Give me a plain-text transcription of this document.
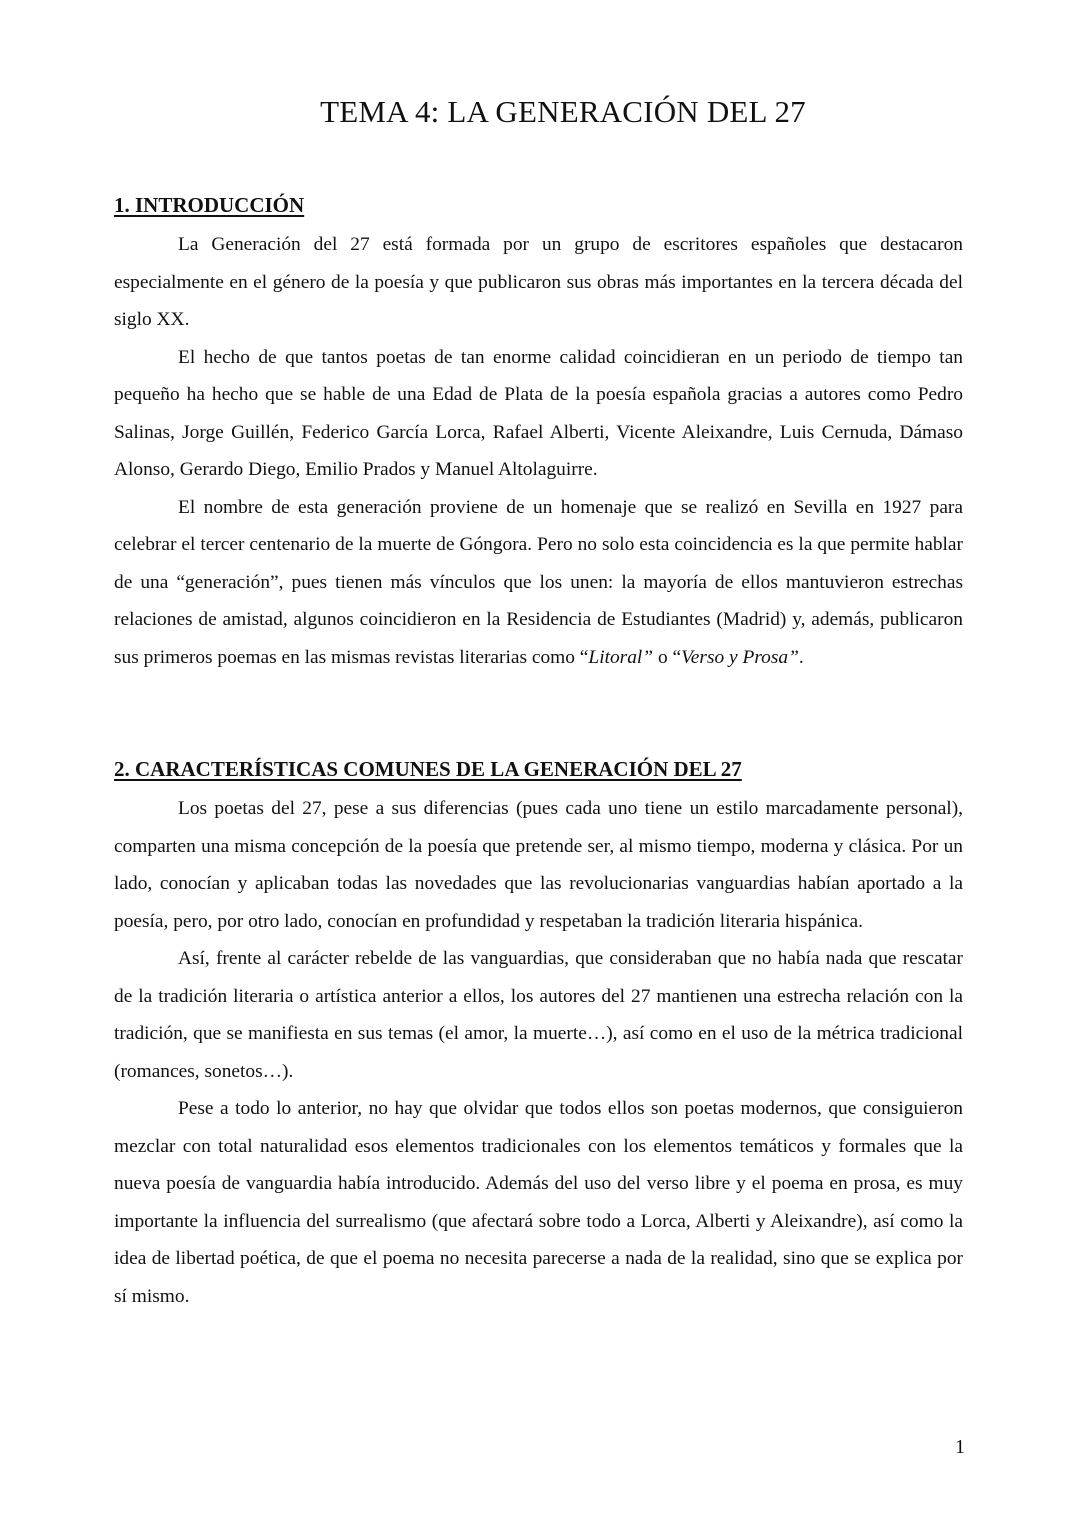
TEMA 4: LA GENERACIÓN DEL 27
1. INTRODUCCIÓN

La Generación del 27 está formada por un grupo de escritores españoles que destacaron especialmente en el género de la poesía y que publicaron sus obras más importantes en la tercera década del siglo XX.

El hecho de que tantos poetas de tan enorme calidad coincidieran en un periodo de tiempo tan pequeño ha hecho que se hable de una Edad de Plata de la poesía española gracias a autores como Pedro Salinas, Jorge Guillén, Federico García Lorca, Rafael Alberti, Vicente Aleixandre, Luis Cernuda, Dámaso Alonso, Gerardo Diego, Emilio Prados y Manuel Altolaguirre.

El nombre de esta generación proviene de un homenaje que se realizó en Sevilla en 1927 para celebrar el tercer centenario de la muerte de Góngora. Pero no solo esta coincidencia es la que permite hablar de una “generación”, pues tienen más vínculos que los unen: la mayoría de ellos mantuvieron estrechas relaciones de amistad, algunos coincidieron en la Residencia de Estudiantes (Madrid) y, además, publicaron sus primeros poemas en las mismas revistas literarias como “Litoral” o “Verso y Prosa”.

2. CARACTERÍSTICAS COMUNES DE LA GENERACIÓN DEL 27

Los poetas del 27, pese a sus diferencias (pues cada uno tiene un estilo marcadamente personal), comparten una misma concepción de la poesía que pretende ser, al mismo tiempo, moderna y clásica. Por un lado, conocían y aplicaban todas las novedades que las revolucionarias vanguardias habían aportado a la poesía, pero, por otro lado, conocían en profundidad y respetaban la tradición literaria hispánica.

Así, frente al carácter rebelde de las vanguardias, que consideraban que no había nada que rescatar de la tradición literaria o artística anterior a ellos, los autores del 27 mantienen una estrecha relación con la tradición, que se manifiesta en sus temas (el amor, la muerte…), así como en el uso de la métrica tradicional (romances, sonetos…).

Pese a todo lo anterior, no hay que olvidar que todos ellos son poetas modernos, que consiguieron mezclar con total naturalidad esos elementos tradicionales con los elementos temáticos y formales que la nueva poesía de vanguardia había introducido. Además del uso del verso libre y el poema en prosa, es muy importante la influencia del surrealismo (que afectará sobre todo a Lorca, Alberti y Aleixandre), así como la idea de libertad poética, de que el poema no necesita parecerse a nada de la realidad, sino que se explica por sí mismo.

1
